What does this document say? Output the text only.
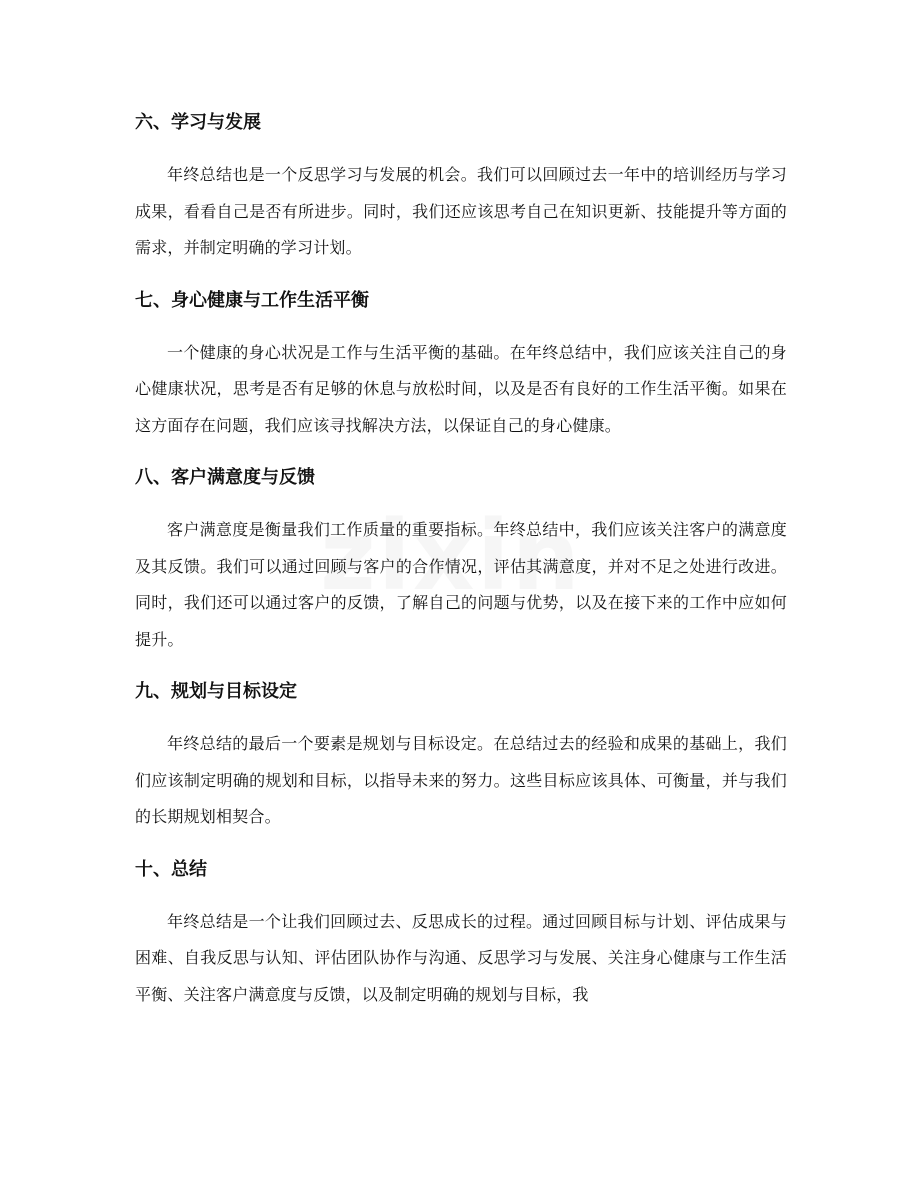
六、学习与发展

年终总结也是一个反思学习与发展的机会。我们可以回顾过去一年中的培训经历与学习成果，看看自己是否有所进步。同时，我们还应该思考自己在知识更新、技能提升等方面的需求，并制定明确的学习计划。

七、身心健康与工作生活平衡

一个健康的身心状况是工作与生活平衡的基础。在年终总结中，我们应该关注自己的身心健康状况，思考是否有足够的休息与放松时间，以及是否有良好的工作生活平衡。如果在这方面存在问题，我们应该寻找解决方法，以保证自己的身心健康。

八、客户满意度与反馈

客户满意度是衡量我们工作质量的重要指标。年终总结中，我们应该关注客户的满意度及其反馈。我们可以通过回顾与客户的合作情况，评估其满意度，并对不足之处进行改进。同时，我们还可以通过客户的反馈，了解自己的问题与优势，以及在接下来的工作中应如何提升。

九、规划与目标设定

年终总结的最后一个要素是规划与目标设定。在总结过去的经验和成果的基础上，我们们应该制定明确的规划和目标，以指导未来的努力。这些目标应该具体、可衡量，并与我们的长期规划相契合。

十、总结

年终总结是一个让我们回顾过去、反思成长的过程。通过回顾目标与计划、评估成果与困难、自我反思与认知、评估团队协作与沟通、反思学习与发展、关注身心健康与工作生活平衡、关注客户满意度与反馈，以及制定明确的规划与目标，我
